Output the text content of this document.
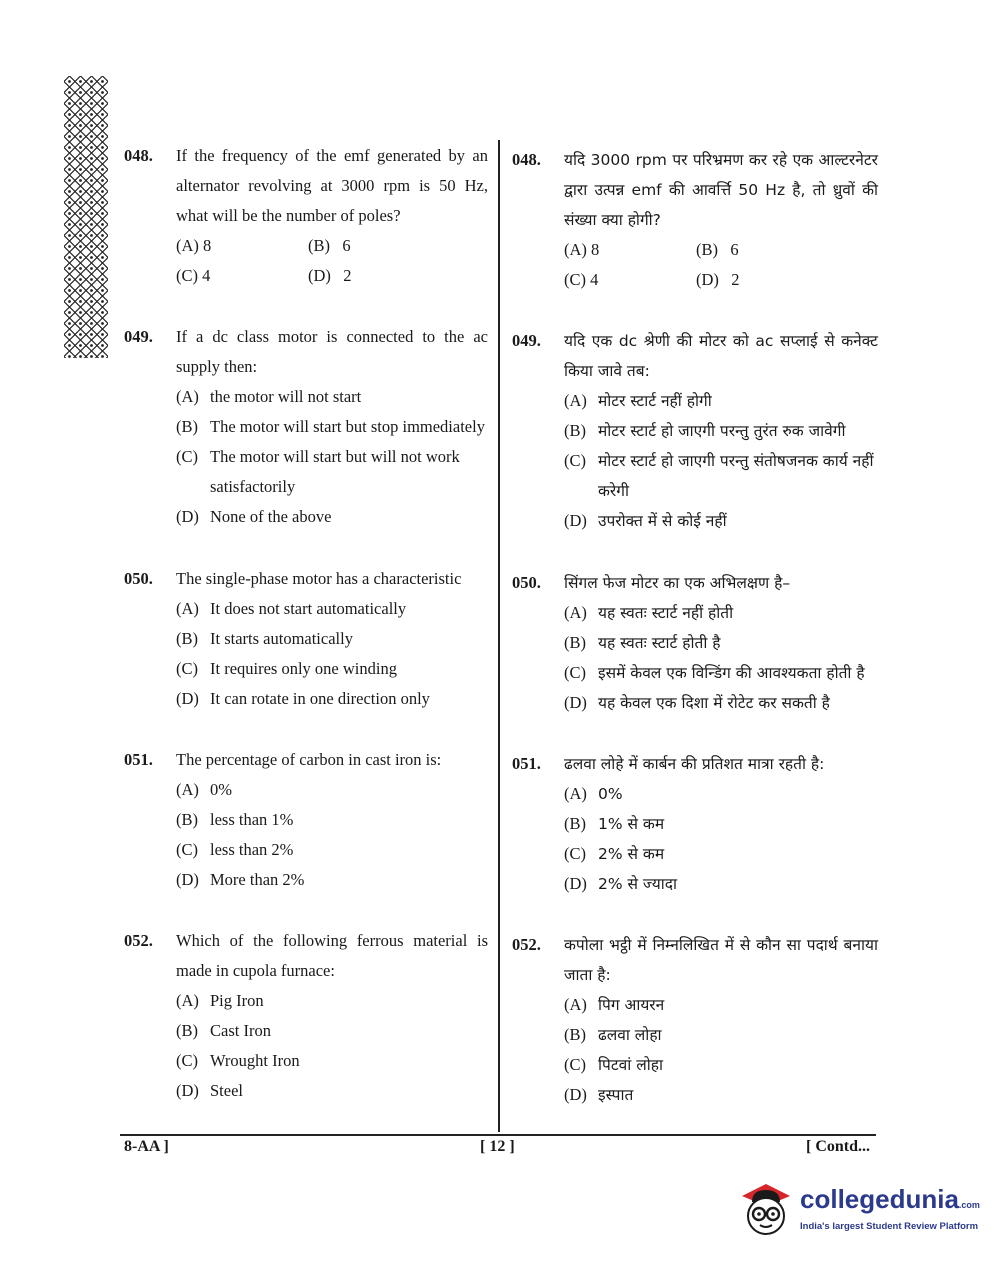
048. If the frequency of the emf generated by an alternator revolving at 3000 rpm is 50 Hz, what will be the number of poles?
(A) 8	(B) 6
(C) 4	(D) 2
049. If a dc class motor is connected to the ac supply then:
(A) the motor will not start
(B) The motor will start but stop immediately
(C) The motor will start but will not work satisfactorily
(D) None of the above
050. The single-phase motor has a characteristic
(A) It does not start automatically
(B) It starts automatically
(C) It requires only one winding
(D) It can rotate in one direction only
051. The percentage of carbon in cast iron is:
(A) 0%
(B) less than 1%
(C) less than 2%
(D) More than 2%
052. Which of the following ferrous material is made in cupola furnace:
(A) Pig Iron
(B) Cast Iron
(C) Wrought Iron
(D) Steel
048. यदि 3000 rpm पर परिभ्रमण कर रहे एक आल्टरनेटर द्वारा उत्पन्न emf की आवर्त्ति 50 Hz है, तो ध्रुवों की संख्या क्या होगी?
(A) 8	(B) 6
(C) 4	(D) 2
049. यदि एक dc श्रेणी की मोटर को ac सप्लाई से कनेक्ट किया जावे तब:
(A) मोटर स्टार्ट नहीं होगी
(B) मोटर स्टार्ट हो जाएगी परन्तु तुरंत रुक जावेगी
(C) मोटर स्टार्ट हो जाएगी परन्तु संतोषजनक कार्य नहीं करेगी
(D) उपरोक्त में से कोई नहीं
050. सिंगल फेज मोटर का एक अभिलक्षण है–
(A) यह स्वतः स्टार्ट नहीं होती
(B) यह स्वतः स्टार्ट होती है
(C) इसमें केवल एक विन्डिंग की आवश्यकता होती है
(D) यह केवल एक दिशा में रोटेट कर सकती है
051. ढलवा लोहे में कार्बन की प्रतिशत मात्रा रहती है:
(A) 0%
(B) 1% से कम
(C) 2% से कम
(D) 2% से ज्यादा
052. कपोला भट्ठी में निम्नलिखित में से कौन सा पदार्थ बनाया जाता है:
(A) पिग आयरन
(B) ढलवा लोहा
(C) पिटवां लोहा
(D) इस्पात
8-AA ]	[ 12 ]	[ Contd...
collegedunia.com
India's largest Student Review Platform
